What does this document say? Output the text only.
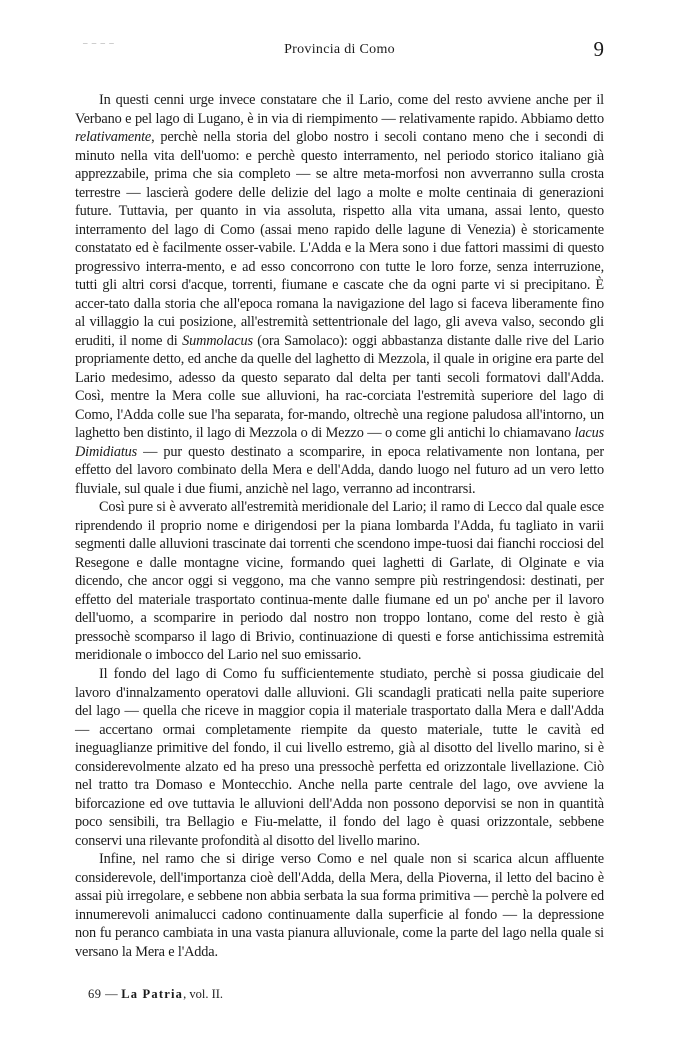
– – – –	Provincia di Como	9

In questi cenni urge invece constatare che il Lario, come del resto avviene anche per il Verbano e pel lago di Lugano, è in via di riempimento — relativamente rapido. Abbiamo detto relativamente, perchè nella storia del globo nostro i secoli contano meno che i secondi di minuto nella vita dell'uomo: e perchè questo interramento, nel periodo storico italiano già apprezzabile, prima che sia completo — se altre meta-morfosi non avverranno sulla crosta terrestre — lascierà godere delle delizie del lago a molte e molte centinaia di generazioni future. Tuttavia, per quanto in via assoluta, rispetto alla vita umana, assai lento, questo interramento del lago di Como (assai meno rapido delle lagune di Venezia) è storicamente constatato ed è facilmente osser-vabile. L'Adda e la Mera sono i due fattori massimi di questo progressivo interra-mento, e ad esso concorrono con tutte le loro forze, senza interruzione, tutti gli altri corsi d'acque, torrenti, fiumane e cascate che da ogni parte vi si precipitano. È accer-tato dalla storia che all'epoca romana la navigazione del lago si faceva liberamente fino al villaggio la cui posizione, all'estremità settentrionale del lago, gli aveva valso, secondo gli eruditi, il nome di Summolacus (ora Samolaco): oggi abbastanza distante dalle rive del Lario propriamente detto, ed anche da quelle del laghetto di Mezzola, il quale in origine era parte del Lario medesimo, adesso da questo separato dal delta per tanti secoli formatovi dall'Adda. Così, mentre la Mera colle sue alluvioni, ha rac-corciata l'estremità superiore del lago di Como, l'Adda colle sue l'ha separata, for-mando, oltrechè una regione paludosa all'intorno, un laghetto ben distinto, il lago di Mezzola o di Mezzo — o come gli antichi lo chiamavano lacus Dimidiatus — pur questo destinato a scomparire, in epoca relativamente non lontana, per effetto del lavoro combinato della Mera e dell'Adda, dando luogo nel futuro ad un vero letto fluviale, sul quale i due fiumi, anzichè nel lago, verranno ad incontrarsi.

Così pure si è avverato all'estremità meridionale del Lario; il ramo di Lecco dal quale esce riprendendo il proprio nome e dirigendosi per la piana lombarda l'Adda, fu tagliato in varii segmenti dalle alluvioni trascinate dai torrenti che scendono impe-tuosi dai fianchi rocciosi del Resegone e dalle montagne vicine, formando quei laghetti di Garlate, di Olginate e via dicendo, che ancor oggi si veggono, ma che vanno sempre più restringendosi: destinati, per effetto del materiale trasportato continua-mente dalle fiumane ed un po' anche per il lavoro dell'uomo, a scomparire in periodo dal nostro non troppo lontano, come del resto è già pressochè scomparso il lago di Brivio, continuazione di questi e forse antichissima estremità meridionale o imbocco del Lario nel suo emissario.

Il fondo del lago di Como fu sufficientemente studiato, perchè si possa giudicaie del lavoro d'innalzamento operatovi dalle alluvioni. Gli scandagli praticati nella paite superiore del lago — quella che riceve in maggior copia il materiale trasportato dalla Mera e dall'Adda — accertano ormai completamente riempite da questo materiale, tutte le cavità ed ineguaglianze primitive del fondo, il cui livello estremo, già al disotto del livello marino, si è considerevolmente alzato ed ha preso una pressochè perfetta ed orizzontale livellazione. Ciò nel tratto tra Domaso e Montecchio. Anche nella parte centrale del lago, ove avviene la biforcazione ed ove tuttavia le alluvioni dell'Adda non possono deporvisi se non in quantità poco sensibili, tra Bellagio e Fiu-melatte, il fondo del lago è quasi orizzontale, sebbene conservi una rilevante profondità al disotto del livello marino.

Infine, nel ramo che si dirige verso Como e nel quale non si scarica alcun affluente considerevole, dell'importanza cioè dell'Adda, della Mera, della Pioverna, il letto del bacino è assai più irregolare, e sebbene non abbia serbata la sua forma primitiva — perchè la polvere ed innumerevoli animalucci cadono continuamente dalla superficie al fondo — la depressione non fu peranco cambiata in una vasta pianura alluvionale, come la parte del lago nella quale si versano la Mera e l'Adda.

69 — La Patria, vol. II.
